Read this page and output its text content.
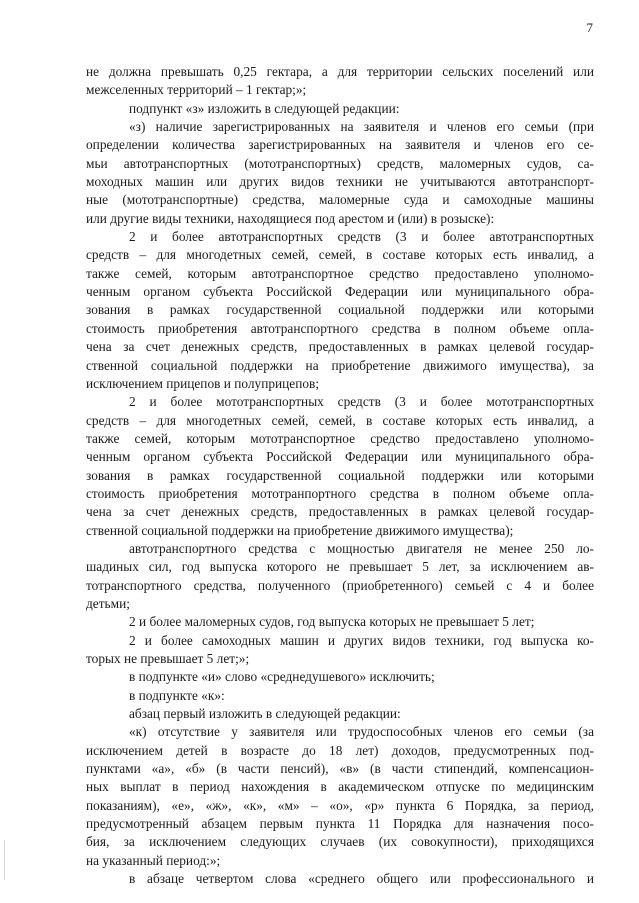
7
не должна превышать 0,25 гектара, а для территории сельских поселений или
межселенных территорий – 1 гектар;»;
подпункт «з» изложить в следующей редакции:
«з) наличие зарегистрированных на заявителя и членов его семьи (при
определении количества зарегистрированных на заявителя и членов его се-
мьи автотранспортных (мототранспортных) средств, маломерных судов, са-
моходных машин или других видов техники не учитываются автотранспорт-
ные (мототранспортные) средства, маломерные суда и самоходные машины
или другие виды техники, находящиеся под арестом и (или) в розыске):
2 и более автотранспортных средств (3 и более автотранспортных
средств – для многодетных семей, семей, в составе которых есть инвалид, а
также семей, которым автотранспортное средство предоставлено уполномо-
ченным органом субъекта Российской Федерации или муниципального обра-
зования в рамках государственной социальной поддержки или которыми
стоимость приобретения автотранспортного средства в полном объеме опла-
чена за счет денежных средств, предоставленных в рамках целевой государ-
ственной социальной поддержки на приобретение движимого имущества), за
исключением прицепов и полуприцепов;
2 и более мототранспортных средств (3 и более мототранспортных
средств – для многодетных семей, семей, в составе которых есть инвалид, а
также семей, которым мототранспортное средство предоставлено уполномо-
ченным органом субъекта Российской Федерации или муниципального обра-
зования в рамках государственной социальной поддержки или которыми
стоимость приобретения мототранпортного средства в полном объеме опла-
чена за счет денежных средств, предоставленных в рамках целевой государ-
ственной социальной поддержки на приобретение движимого имущества);
автотранспортного средства с мощностью двигателя не менее 250 ло-
шадиных сил, год выпуска которого не превышает 5 лет, за исключением ав-
тотранспортного средства, полученного (приобретенного) семьей с 4 и более
детьми;
2 и более маломерных судов, год выпуска которых не превышает 5 лет;
2 и более самоходных машин и других видов техники, год выпуска ко-
торых не превышает 5 лет;»;
в подпункте «и» слово «среднедушевого» исключить;
в подпункте «к»:
абзац первый изложить в следующей редакции:
«к) отсутствие у заявителя или трудоспособных членов его семьи (за
исключением детей в возрасте до 18 лет) доходов, предусмотренных под-
пунктами «а», «б» (в части пенсий), «в» (в части стипендий, компенсацион-
ных выплат в период нахождения в академическом отпуске по медицинским
показаниям), «е», «ж», «к», «м» – «о», «р» пункта 6 Порядка, за период,
предусмотренный абзацем первым пункта 11 Порядка для назначения посо-
бия, за исключением следующих случаев (их совокупности), приходящихся
на указанный период:»;
в абзаце четвертом слова «среднего общего или профессионального и
